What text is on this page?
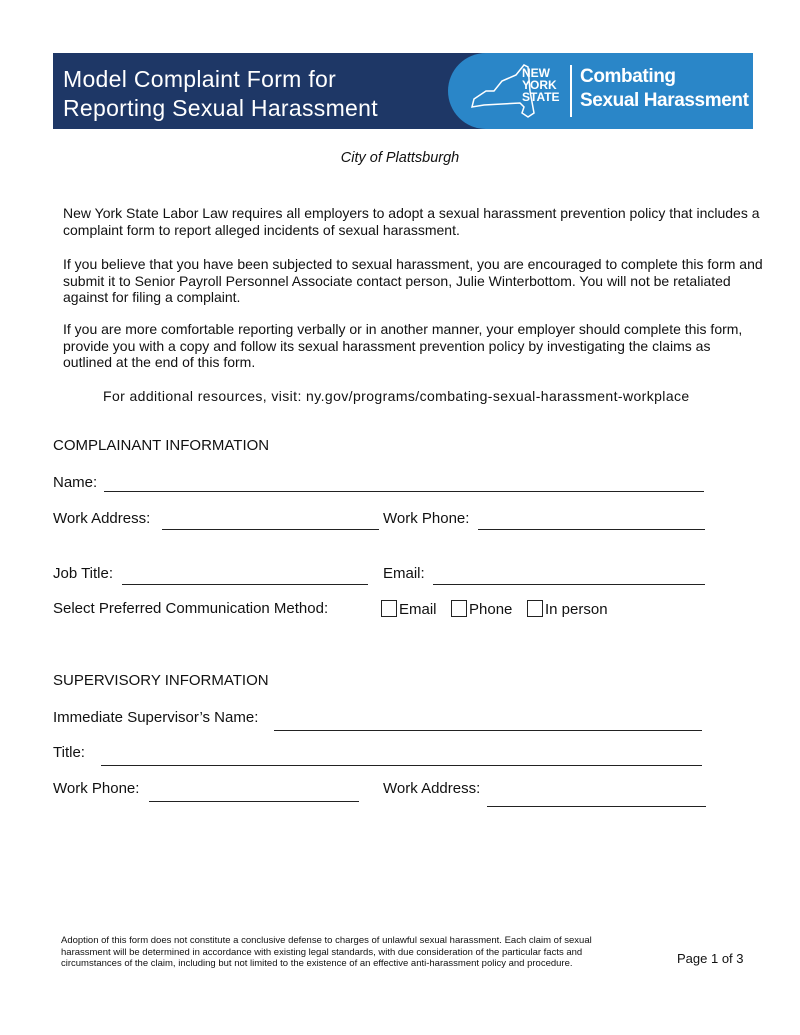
Model Complaint Form for
Reporting Sexual Harassment
NEW
YORK
STATE
Combating
Sexual Harassment
City of Plattsburgh
New York State Labor Law requires all employers to adopt a sexual harassment prevention policy that includes a complaint form to report alleged incidents of sexual harassment.
If you believe that you have been subjected to sexual harassment, you are encouraged to complete this form and submit it to Senior Payroll Personnel Associate contact person, Julie Winterbottom. You will not be retaliated against for filing a complaint.
If you are more comfortable reporting verbally or in another manner, your employer should complete this form, provide you with a copy and follow its sexual harassment prevention policy by investigating the claims as outlined at the end of this form.
For additional resources, visit: ny.gov/programs/combating-sexual-harassment-workplace
COMPLAINANT INFORMATION
Name:
Work Address:	Work Phone:
Job Title:	Email:
Select Preferred Communication Method:	Email	Phone	In person
SUPERVISORY INFORMATION
Immediate Supervisor’s Name:
Title:
Work Phone:	Work Address:
Adoption of this form does not constitute a conclusive defense to charges of unlawful sexual harassment. Each claim of sexual harassment will be determined in accordance with existing legal standards, with due consideration of the particular facts and circumstances of the claim, including but not limited to the existence of an effective anti-harassment policy and procedure.	Page 1 of 3
